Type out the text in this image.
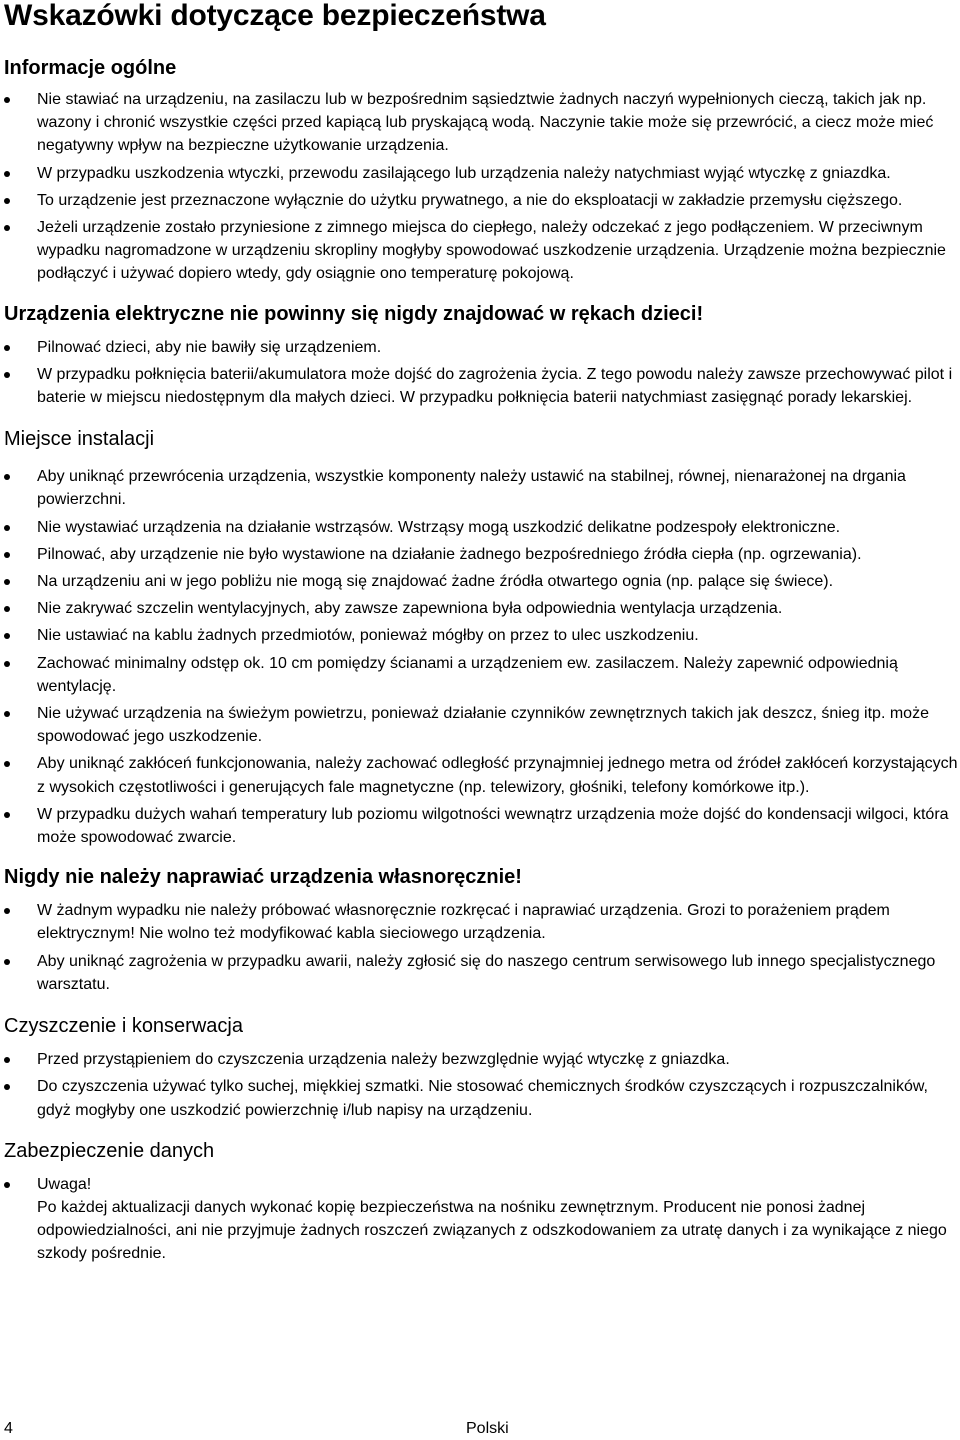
Wskazówki dotyczące bezpieczeństwa
Informacje ogólne
Nie stawiać na urządzeniu, na zasilaczu lub w bezpośrednim sąsiedztwie żadnych naczyń wypełnionych cieczą, takich jak np. wazony i chronić wszystkie części przed kapiącą lub pryskającą wodą. Naczynie takie może się przewrócić, a ciecz może mieć negatywny wpływ na bezpieczne użytkowanie urządzenia.
W przypadku uszkodzenia wtyczki, przewodu zasilającego lub urządzenia należy natychmiast wyjąć wtyczkę z gniazdka.
To urządzenie jest przeznaczone wyłącznie do użytku prywatnego, a nie do eksploatacji w zakładzie przemysłu cięższego.
Jeżeli urządzenie zostało przyniesione z zimnego miejsca do ciepłego, należy odczekać z jego podłączeniem. W przeciwnym wypadku nagromadzone w urządzeniu skropliny mogłyby spowodować uszkodzenie urządzenia. Urządzenie można bezpiecznie podłączyć i używać dopiero wtedy, gdy osiągnie ono temperaturę pokojową.
Urządzenia elektryczne nie powinny się nigdy znajdować w rękach dzieci!
Pilnować dzieci, aby nie bawiły się urządzeniem.
W przypadku połknięcia baterii/akumulatora może dojść do zagrożenia życia. Z tego powodu należy zawsze przechowywać pilot i baterie w miejscu niedostępnym dla małych dzieci. W przypadku połknięcia baterii natychmiast zasięgnąć porady lekarskiej.
Miejsce instalacji
Aby uniknąć przewrócenia urządzenia, wszystkie komponenty należy ustawić na stabilnej, równej, nienarażonej na drgania powierzchni.
Nie wystawiać urządzenia na działanie wstrząsów. Wstrząsy mogą uszkodzić delikatne podzespoły elektroniczne.
Pilnować, aby urządzenie nie było wystawione na działanie żadnego bezpośredniego źródła ciepła (np. ogrzewania).
Na urządzeniu ani w jego pobliżu nie mogą się znajdować żadne źródła otwartego ognia (np. palące się świece).
Nie zakrywać szczelin wentylacyjnych, aby zawsze zapewniona była odpowiednia wentylacja urządzenia.
Nie ustawiać na kablu żadnych przedmiotów, ponieważ mógłby on przez to ulec uszkodzeniu.
Zachować minimalny odstęp ok. 10 cm pomiędzy ścianami a urządzeniem ew. zasilaczem. Należy zapewnić odpowiednią wentylację.
Nie używać urządzenia na świeżym powietrzu, ponieważ działanie czynników zewnętrznych takich jak deszcz, śnieg itp. może spowodować jego uszkodzenie.
Aby uniknąć zakłóceń funkcjonowania, należy zachować odległość przynajmniej jednego metra od źródeł zakłóceń korzystających z wysokich częstotliwości i generujących fale magnetyczne (np. telewizory, głośniki, telefony komórkowe itp.).
W przypadku dużych wahań temperatury lub poziomu wilgotności wewnątrz urządzenia może dojść do kondensacji wilgoci, która może spowodować zwarcie.
Nigdy nie należy naprawiać urządzenia własnoręcznie!
W żadnym wypadku nie należy próbować własnoręcznie rozkręcać i naprawiać urządzenia. Grozi to porażeniem prądem elektrycznym! Nie wolno też modyfikować kabla sieciowego urządzenia.
Aby uniknąć zagrożenia w przypadku awarii, należy zgłosić się do naszego centrum serwisowego lub innego specjalistycznego warsztatu.
Czyszczenie i konserwacja
Przed przystąpieniem do czyszczenia urządzenia należy bezwzględnie wyjąć wtyczkę z gniazdka.
Do czyszczenia używać tylko suchej, miękkiej szmatki. Nie stosować chemicznych środków czyszczących i rozpuszczalników, gdyż mogłyby one uszkodzić powierzchnię i/lub napisy na urządzeniu.
Zabezpieczenie danych
Uwaga!
Po każdej aktualizacji danych wykonać kopię bezpieczeństwa na nośniku zewnętrznym. Producent nie ponosi żadnej odpowiedzialności, ani nie przyjmuje żadnych roszczeń związanych z odszkodowaniem za utratę danych i za wynikające z niego szkody pośrednie.
4	Polski
